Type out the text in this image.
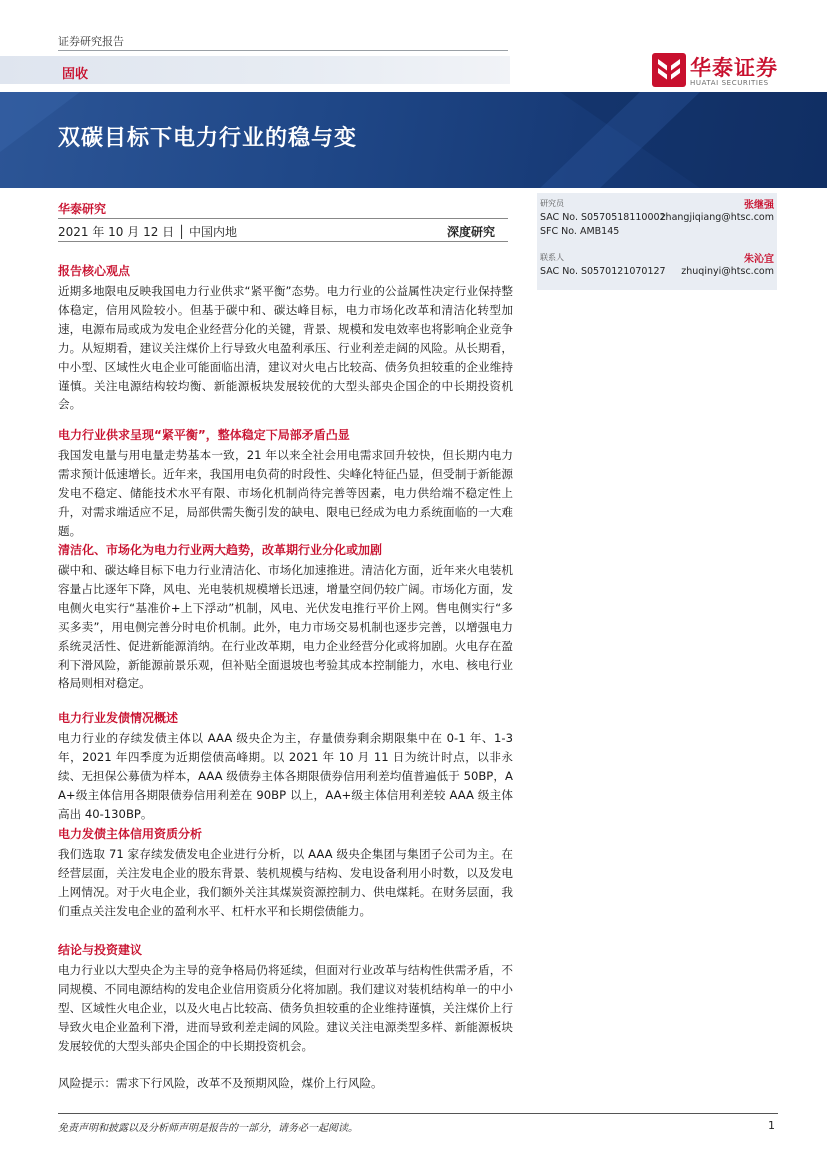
证券研究报告
固收	华泰证券
HUATAI SECURITIES
双碳目标下电力行业的稳与变
华泰研究
2021 年 10 月 12 日 │ 中国内地	深度研究
研究员	张继强
SAC No. S0570518110002
zhangjiqiang@htsc.com
SFC No. AMB145
联系人	朱沁宜
SAC No. S0570121070127 zhuqinyi@htsc.com
报告核心观点

近期多地限电反映我国电力行业供求“紧平衡”态势。电力行业的公益属性决定行业保持整体稳定，信用风险较小。但基于碳中和、碳达峰目标，电力市场化改革和清洁化转型加速，电源布局或成为发电企业经营分化的关键，背景、规模和发电效率也将影响企业竞争力。从短期看，建议关注煤价上行导致火电盈利承压、行业利差走阔的风险。从长期看，中小型、区域性火电企业可能面临出清，建议对火电占比较高、债务负担较重的企业维持谨慎。关注电源结构较均衡、新能源板块发展较优的大型头部央企国企的中长期投资机会。

电力行业供求呈现“紧平衡”，整体稳定下局部矛盾凸显

我国发电量与用电量走势基本一致，21 年以来全社会用电需求回升较快，但长期内电力需求预计低速增长。近年来，我国用电负荷的时段性、尖峰化特征凸显，但受制于新能源发电不稳定、储能技术水平有限、市场化机制尚待完善等因素，电力供给端不稳定性上升，对需求端适应不足，局部供需失衡引发的缺电、限电已经成为电力系统面临的一大难题。

清洁化、市场化为电力行业两大趋势，改革期行业分化或加剧

碳中和、碳达峰目标下电力行业清洁化、市场化加速推进。清洁化方面，近年来火电装机容量占比逐年下降，风电、光电装机规模增长迅速，增量空间仍较广阔。市场化方面，发电侧火电实行“基准价+上下浮动”机制，风电、光伏发电推行平价上网。售电侧实行“多买多卖”，用电侧完善分时电价机制。此外，电力市场交易机制也逐步完善，以增强电力系统灵活性、促进新能源消纳。在行业改革期，电力企业经营分化或将加剧。火电存在盈利下滑风险，新能源前景乐观，但补贴全面退坡也考验其成本控制能力，水电、核电行业格局则相对稳定。

电力行业发债情况概述

电力行业的存续发债主体以 AAA 级央企为主，存量债券剩余期限集中在 0-1 年、1-3 年，2021 年四季度为近期偿债高峰期。以 2021 年 10 月 11 日为统计时点，以非永续、无担保公募债为样本，AAA 级债券主体各期限债券信用利差均值普遍低于 50BP，AA+级主体信用各期限债券信用利差在 90BP 以上，AA+级主体信用利差较 AAA 级主体高出 40-130BP。

电力发债主体信用资质分析

我们选取 71 家存续发债发电企业进行分析，以 AAA 级央企集团与集团子公司为主。在经营层面，关注发电企业的股东背景、装机规模与结构、发电设备利用小时数，以及发电上网情况。对于火电企业，我们额外关注其煤炭资源控制力、供电煤耗。在财务层面，我们重点关注发电企业的盈利水平、杠杆水平和长期偿债能力。

结论与投资建议

电力行业以大型央企为主导的竞争格局仍将延续，但面对行业改革与结构性供需矛盾，不同规模、不同电源结构的发电企业信用资质分化将加剧。我们建议对装机结构单一的中小型、区域性火电企业，以及火电占比较高、债务负担较重的企业维持谨慎，关注煤价上行导致火电企业盈利下滑，进而导致利差走阔的风险。建议关注电源类型多样、新能源板块发展较优的大型头部央企国企的中长期投资机会。

风险提示：需求下行风险，改革不及预期风险，煤价上行风险。

免责声明和披露以及分析师声明是报告的一部分，请务必一起阅读。	1
